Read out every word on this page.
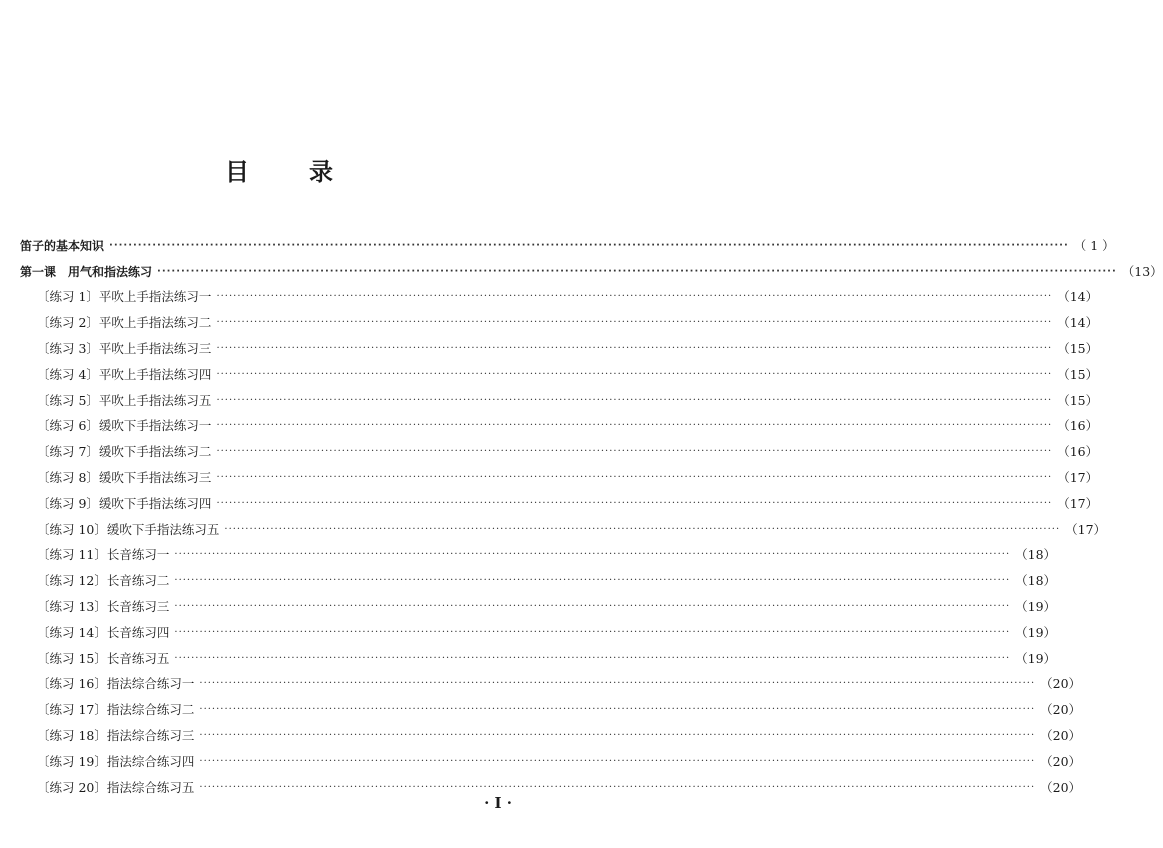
目 录
笛子的基本知识 ········································································································································································································ （ 1 ）
第一课　用气和指法练习 ········································································································································································································ （13）
〔练习 1〕平吹上手指法练习一 ········································································································································································································ （14）
〔练习 2〕平吹上手指法练习二 ········································································································································································································ （14）
〔练习 3〕平吹上手指法练习三 ········································································································································································································ （15）
〔练习 4〕平吹上手指法练习四 ········································································································································································································ （15）
〔练习 5〕平吹上手指法练习五 ········································································································································································································ （15）
〔练习 6〕缓吹下手指法练习一 ········································································································································································································ （16）
〔练习 7〕缓吹下手指法练习二 ········································································································································································································ （16）
〔练习 8〕缓吹下手指法练习三 ········································································································································································································ （17）
〔练习 9〕缓吹下手指法练习四 ········································································································································································································ （17）
〔练习 10〕缓吹下手指法练习五 ········································································································································································································ （17）
〔练习 11〕长音练习一 ········································································································································································································ （18）
〔练习 12〕长音练习二 ········································································································································································································ （18）
〔练习 13〕长音练习三 ········································································································································································································ （19）
〔练习 14〕长音练习四 ········································································································································································································ （19）
〔练习 15〕长音练习五 ········································································································································································································ （19）
〔练习 16〕指法综合练习一 ········································································································································································································ （20）
〔练习 17〕指法综合练习二 ········································································································································································································ （20）
〔练习 18〕指法综合练习三 ········································································································································································································ （20）
〔练习 19〕指法综合练习四 ········································································································································································································ （20）
〔练习 20〕指法综合练习五 ········································································································································································································ （20）
· I ·
